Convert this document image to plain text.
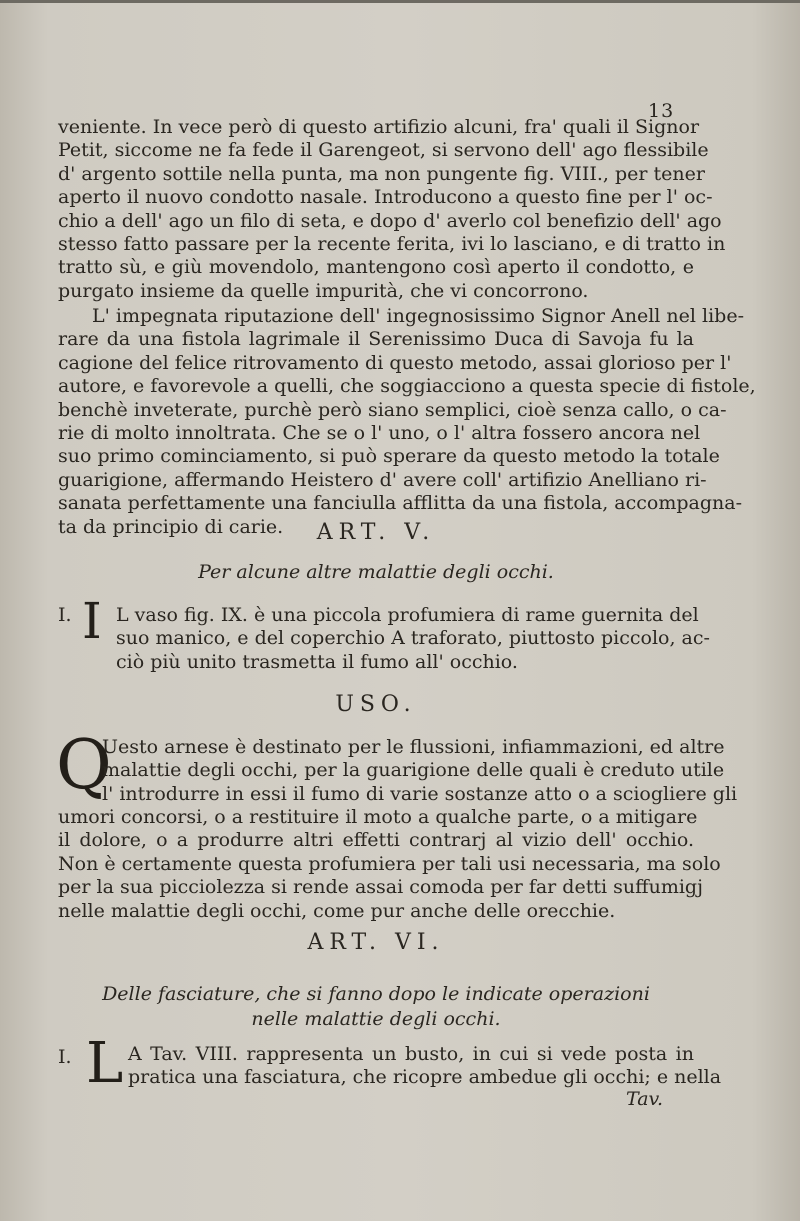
13
veniente. In vece però di questo artifizio alcuni, fra' quali il Signor
Petit, siccome ne fa fede il Garengeot, si servono dell' ago flessibile
d' argento sottile nella punta, ma non pungente fig. VIII., per tener
aperto il nuovo condotto nasale. Introducono a questo fine per l' oc-
chio a dell' ago un filo di seta, e dopo d' averlo col benefizio dell' ago
stesso fatto passare per la recente ferita, ivi lo lasciano, e di tratto in
tratto sù, e giù movendolo, mantengono così aperto il condotto, e
purgato insieme da quelle impurità, che vi concorrono.
L' impegnata riputazione dell' ingegnosissimo Signor Anell nel libe-
rare da una fistola lagrimale il Serenissimo Duca di Savoja fu la
cagione del felice ritrovamento di questo metodo, assai glorioso per l'
autore, e favorevole a quelli, che soggiacciono a questa specie di fistole,
benchè inveterate, purchè però siano semplici, cioè senza callo, o ca-
rie di molto innoltrata. Che se o l' uno, o l' altra fossero ancora nel
suo primo cominciamento, si può sperare da questo metodo la totale
guarigione, affermando Heistero d' avere coll' artifizio Anelliano ri-
sanata perfettamente una fanciulla afflitta da una fistola, accompagna-
ta da principio di carie.	ART. V.
Per alcune altre malattie degli occhi.
I. I L vaso fig. IX. è una piccola profumiera di rame guernita del
suo manico, e del coperchio A traforato, piuttosto piccolo, ac-
ciò più unito trasmetta il fumo all' occhio.
USO.
Q
Uesto arnese è destinato per le flussioni, infiammazioni, ed altre
malattie degli occhi, per la guarigione delle quali è creduto utile
l' introdurre in essi il fumo di varie sostanze atto o a sciogliere gli
umori concorsi, o a restituire il moto a qualche parte, o a mitigare
il dolore, o a produrre altri effetti contrarj al vizio dell' occhio.
Non è certamente questa profumiera per tali usi necessaria, ma solo
per la sua picciolezza si rende assai comoda per far detti suffumigj
nelle malattie degli occhi, come pur anche delle orecchie.
ART. VI.
Delle fasciature, che si fanno dopo le indicate operazioni
nelle malattie degli occhi.
I. L A Tav. VIII. rappresenta un busto, in cui si vede posta in
pratica una fasciatura, che ricopre ambedue gli occhi; e nella
Tav.
